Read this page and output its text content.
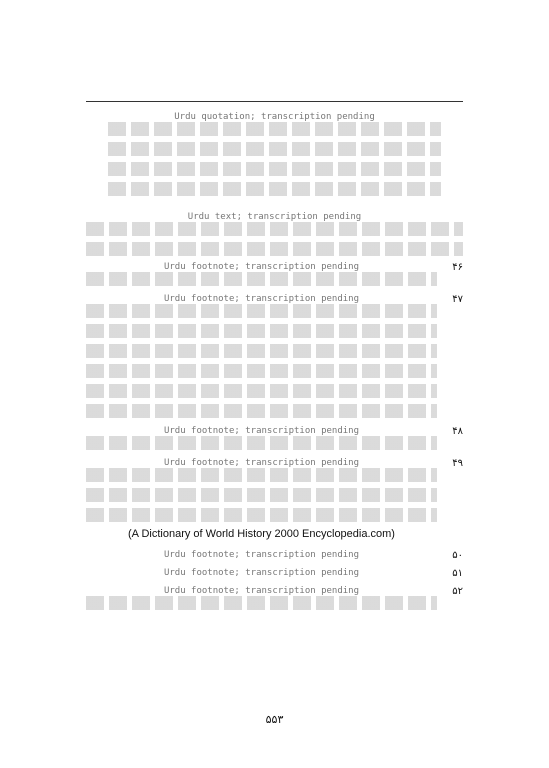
Urdu quotation; transcription pending
Urdu text; transcription pending
۴۶
Urdu footnote; transcription pending
۴۷
Urdu footnote; transcription pending
۴۸
Urdu footnote; transcription pending
۴۹
Urdu footnote; transcription pending
(A Dictionary of World History 2000 Encyclopedia.com)
۵۰
Urdu footnote; transcription pending
۵۱
Urdu footnote; transcription pending
۵۲
Urdu footnote; transcription pending
۵۵۳
